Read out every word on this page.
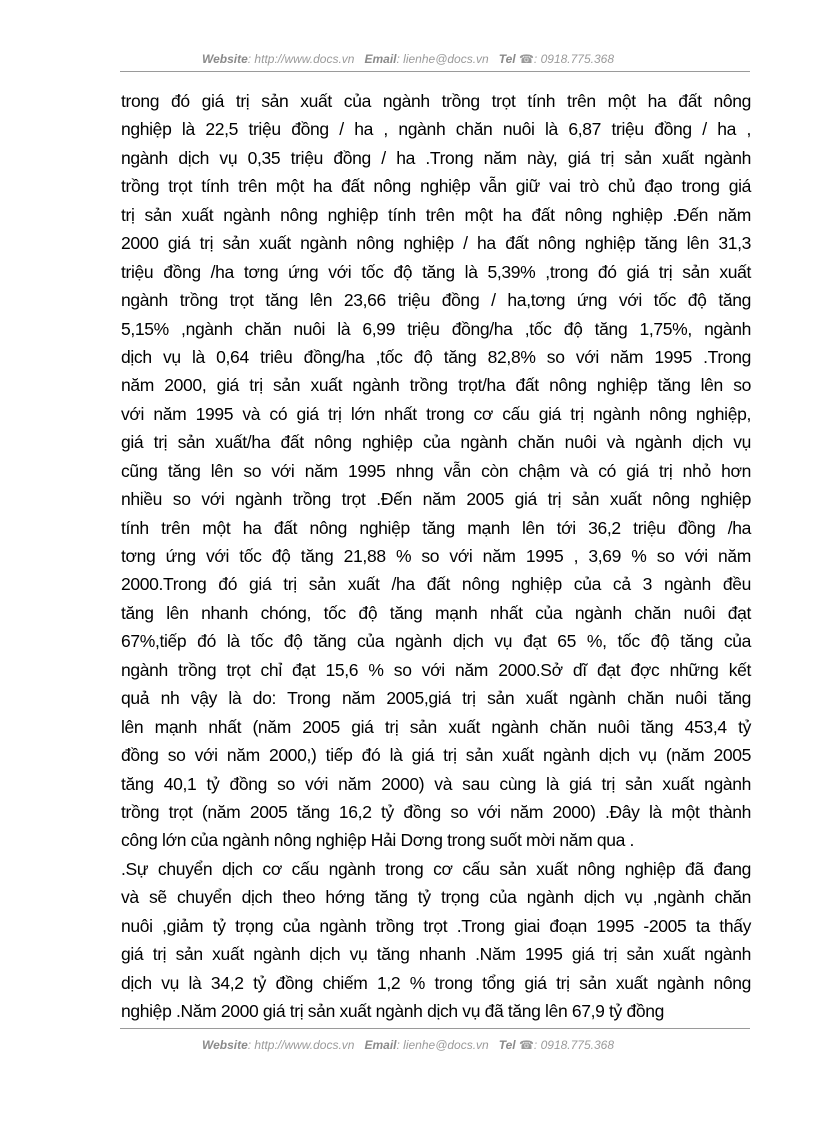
Website: http://www.docs.vn Email: lienhe@docs.vn Tel ☎: 0918.775.368
trong đó giá trị sản xuất của ngành trồng trọt tính trên một ha đất nông
nghiệp là 22,5 triệu đồng / ha , ngành chăn nuôi là 6,87 triệu đồng / ha ,
ngành dịch vụ 0,35 triệu đồng / ha .Trong năm này, giá trị sản xuất ngành
trồng trọt tính trên một ha đất nông nghiệp vẫn giữ vai trò chủ đạo trong giá
trị sản xuất ngành nông nghiệp tính trên một ha đất nông nghiệp .Đến năm
2000 giá trị sản xuất ngành nông nghiệp / ha đất nông nghiệp tăng lên 31,3
triệu đồng /ha tơng ứng với tốc độ tăng là 5,39% ,trong đó giá trị sản xuất
ngành trồng trọt tăng lên 23,66 triệu đồng / ha,tơng ứng với tốc độ tăng
5,15% ,ngành chăn nuôi là 6,99 triệu đồng/ha ,tốc độ tăng 1,75%, ngành
dịch vụ là 0,64 triêu đồng/ha ,tốc độ tăng 82,8% so với năm 1995 .Trong
năm 2000, giá trị sản xuất ngành trồng trọt/ha đất nông nghiệp tăng lên so
với năm 1995 và có giá trị lớn nhất trong cơ cấu giá trị ngành nông nghiệp,
giá trị sản xuất/ha đất nông nghiệp của ngành chăn nuôi và ngành dịch vụ
cũng tăng lên so với năm 1995 nhng vẫn còn chậm và có giá trị nhỏ hơn
nhiều so với ngành trồng trọt .Đến năm 2005 giá trị sản xuất nông nghiệp
tính trên một ha đất nông nghiệp tăng mạnh lên tới 36,2 triệu đồng /ha
tơng ứng với tốc độ tăng 21,88 % so với năm 1995 , 3,69 % so với năm
2000.Trong đó giá trị sản xuất /ha đất nông nghiệp của cả 3 ngành đều
tăng lên nhanh chóng, tốc độ tăng mạnh nhất của ngành chăn nuôi đạt
67%,tiếp đó là tốc độ tăng của ngành dịch vụ đạt 65 %, tốc độ tăng của
ngành trồng trọt chỉ đạt 15,6 % so với năm 2000.Sở dĩ đạt đợc những kết
quả nh vậy là do: Trong năm 2005,giá trị sản xuất ngành chăn nuôi tăng
lên mạnh nhất (năm 2005 giá trị sản xuất ngành chăn nuôi tăng 453,4 tỷ
đồng so với năm 2000,) tiếp đó là giá trị sản xuất ngành dịch vụ (năm 2005
tăng 40,1 tỷ đồng so với năm 2000) và sau cùng là giá trị sản xuất ngành
trồng trọt (năm 2005 tăng 16,2 tỷ đồng so với năm 2000) .Đây là một thành
công lớn của ngành nông nghiệp Hải Dơng trong suốt mời năm qua .
.Sự chuyển dịch cơ cấu ngành trong cơ cấu sản xuất nông nghiệp đã đang
và sẽ chuyển dịch theo hớng tăng tỷ trọng của ngành dịch vụ ,ngành chăn
nuôi ,giảm tỷ trọng của ngành trồng trọt .Trong giai đoạn 1995 -2005 ta thấy
giá trị sản xuất ngành dịch vụ tăng nhanh .Năm 1995 giá trị sản xuất ngành
dịch vụ là 34,2 tỷ đồng chiếm 1,2 % trong tổng giá trị sản xuất ngành nông
nghiệp .Năm 2000 giá trị sản xuất ngành dịch vụ đã tăng lên 67,9 tỷ đồng
Website: http://www.docs.vn Email: lienhe@docs.vn Tel ☎: 0918.775.368
